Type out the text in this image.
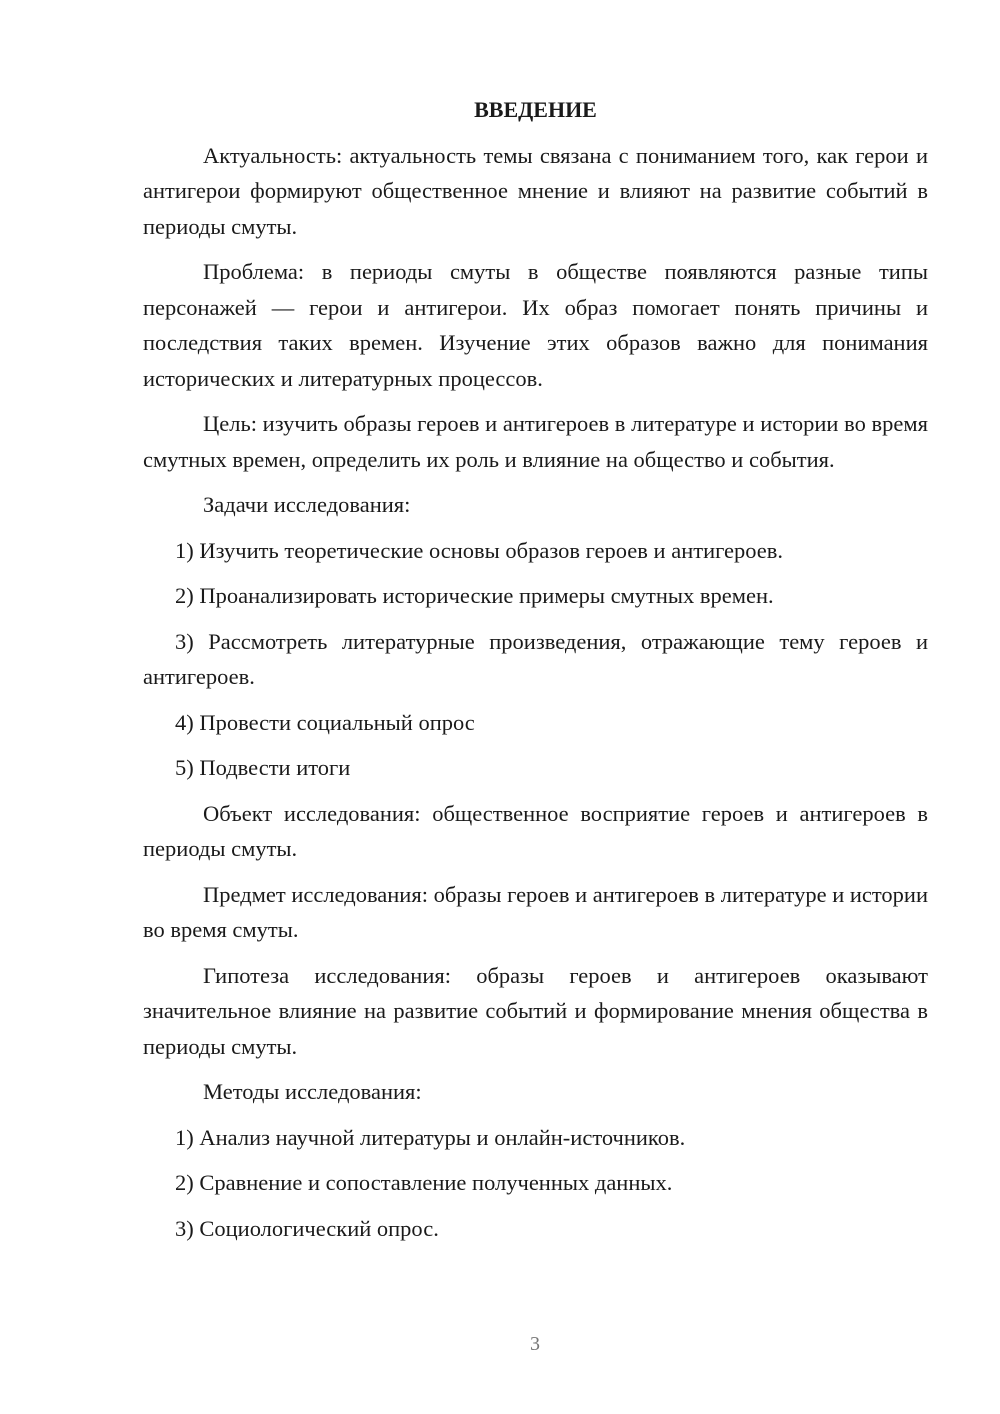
ВВЕДЕНИЕ

Актуальность: актуальность темы связана с пониманием того, как герои и антигерои формируют общественное мнение и влияют на развитие событий в периоды смуты.

Проблема: в периоды смуты в обществе появляются разные типы персонажей — герои и антигерои. Их образ помогает понять причины и последствия таких времен. Изучение этих образов важно для понимания исторических и литературных процессов.

Цель: изучить образы героев и антигероев в литературе и истории во время смутных времен, определить их роль и влияние на общество и события.

Задачи исследования:

1) Изучить теоретические основы образов героев и антигероев.

2) Проанализировать исторические примеры смутных времен.

3) Рассмотреть литературные произведения, отражающие тему героев и антигероев.

4) Провести социальный опрос

5) Подвести итоги

Объект исследования: общественное восприятие героев и антигероев в периоды смуты.

Предмет исследования: образы героев и антигероев в литературе и истории во время смуты.

Гипотеза исследования: образы героев и антигероев оказывают значительное влияние на развитие событий и формирование мнения общества в периоды смуты.

Методы исследования:

1) Анализ научной литературы и онлайн-источников.

2) Сравнение и сопоставление полученных данных.

3) Социологический опрос.

3
